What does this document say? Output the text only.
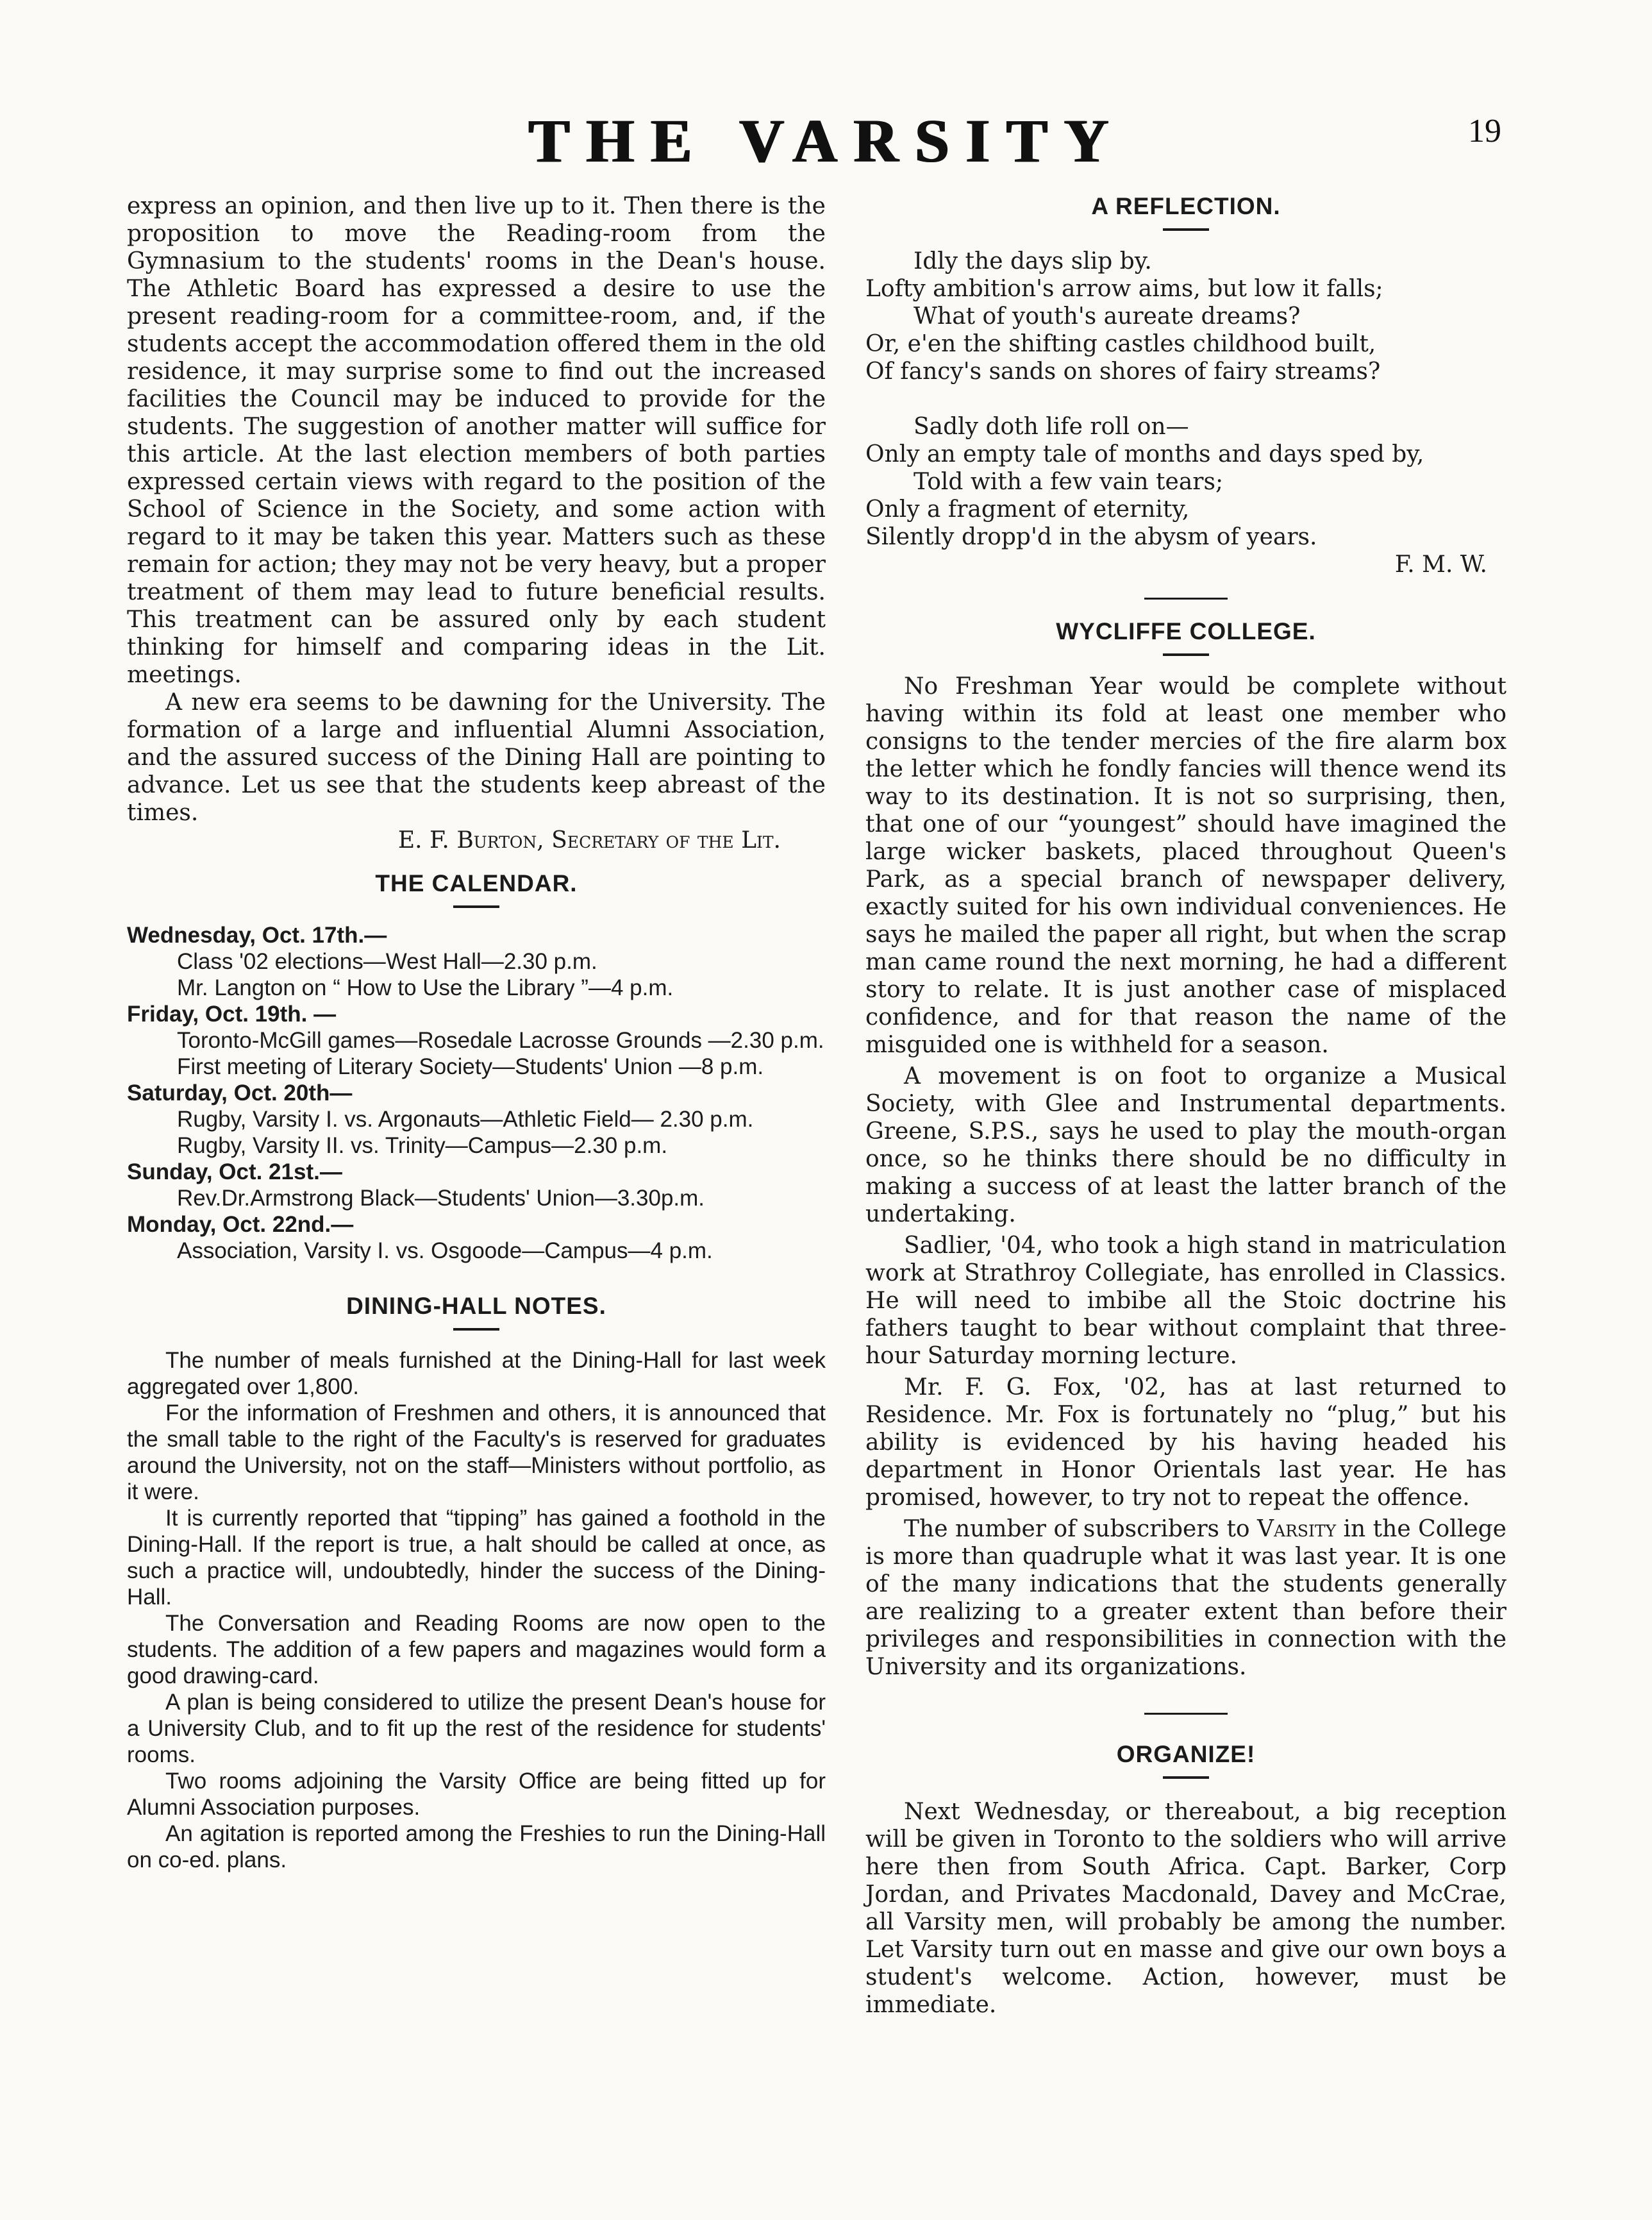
THE VARSITY	19

express an opinion, and then live up to it. Then there is the proposition to move the Reading-room from the Gymnasium to the students' rooms in the Dean's house. The Athletic Board has expressed a desire to use the present reading-room for a committee-room, and, if the students accept the accommodation offered them in the old residence, it may surprise some to find out the increased facilities the Council may be induced to provide for the students. The suggestion of another matter will suffice for this article. At the last election members of both parties expressed certain views with regard to the position of the School of Science in the Society, and some action with regard to it may be taken this year. Matters such as these remain for action; they may not be very heavy, but a proper treatment of them may lead to future beneficial results. This treatment can be assured only by each student thinking for himself and comparing ideas in the Lit. meetings.

A new era seems to be dawning for the University. The formation of a large and influential Alumni Association, and the assured success of the Dining Hall are pointing to advance. Let us see that the students keep abreast of the times.

E. F. Burton, Secretary of the Lit.

THE CALENDAR.
Wednesday, Oct. 17th.—
Class '02 elections—West Hall—2.30 p.m.
Mr. Langton on “ How to Use the Library ”—4 p.m.
Friday, Oct. 19th. —
Toronto-McGill games—Rosedale Lacrosse Grounds —2.30 p.m.
First meeting of Literary Society—Students' Union —8 p.m.
Saturday, Oct. 20th—
Rugby, Varsity I. vs. Argonauts—Athletic Field— 2.30 p.m.
Rugby, Varsity II. vs. Trinity—Campus—2.30 p.m.
Sunday, Oct. 21st.—
Rev.Dr.Armstrong Black—Students' Union—3.30p.m.
Monday, Oct. 22nd.—
Association, Varsity I. vs. Osgoode—Campus—4 p.m.
DINING-HALL NOTES.

The number of meals furnished at the Dining-Hall for last week aggregated over 1,800.

For the information of Freshmen and others, it is announced that the small table to the right of the Faculty's is reserved for graduates around the University, not on the staff—Ministers without portfolio, as it were.

It is currently reported that “tipping” has gained a foothold in the Dining-Hall. If the report is true, a halt should be called at once, as such a practice will, undoubtedly, hinder the success of the Dining-Hall.

The Conversation and Reading Rooms are now open to the students. The addition of a few papers and magazines would form a good drawing-card.

A plan is being considered to utilize the present Dean's house for a University Club, and to fit up the rest of the residence for students' rooms.

Two rooms adjoining the Varsity Office are being fitted up for Alumni Association purposes.

An agitation is reported among the Freshies to run the Dining-Hall on co-ed. plans.

A REFLECTION.
Idly the days slip by.
Lofty ambition's arrow aims, but low it falls;
What of youth's aureate dreams?
Or, e'en the shifting castles childhood built,
Of fancy's sands on shores of fairy streams?
Sadly doth life roll on—
Only an empty tale of months and days sped by,
Told with a few vain tears;
Only a fragment of eternity,
Silently dropp'd in the abysm of years.

F. M. W.

WYCLIFFE COLLEGE.

No Freshman Year would be complete without having within its fold at least one member who consigns to the tender mercies of the fire alarm box the letter which he fondly fancies will thence wend its way to its destination. It is not so surprising, then, that one of our “youngest” should have imagined the large wicker baskets, placed throughout Queen's Park, as a special branch of newspaper delivery, exactly suited for his own individual conveniences. He says he mailed the paper all right, but when the scrap man came round the next morning, he had a different story to relate. It is just another case of misplaced confidence, and for that reason the name of the misguided one is withheld for a season.

A movement is on foot to organize a Musical Society, with Glee and Instrumental departments. Greene, S.P.S., says he used to play the mouth-organ once, so he thinks there should be no difficulty in making a success of at least the latter branch of the undertaking.

Sadlier, '04, who took a high stand in matriculation work at Strathroy Collegiate, has enrolled in Classics. He will need to imbibe all the Stoic doctrine his fathers taught to bear without complaint that three-hour Saturday morning lecture.

Mr. F. G. Fox, '02, has at last returned to Residence. Mr. Fox is fortunately no “plug,” but his ability is evidenced by his having headed his department in Honor Orientals last year. He has promised, however, to try not to repeat the offence.

The number of subscribers to Varsity in the College is more than quadruple what it was last year. It is one of the many indications that the students generally are realizing to a greater extent than before their privileges and responsibilities in connection with the University and its organizations.

ORGANIZE!

Next Wednesday, or thereabout, a big reception will be given in Toronto to the soldiers who will arrive here then from South Africa. Capt. Barker, Corp Jordan, and Privates Macdonald, Davey and McCrae, all Varsity men, will probably be among the number. Let Varsity turn out en masse and give our own boys a student's welcome. Action, however, must be immediate.
